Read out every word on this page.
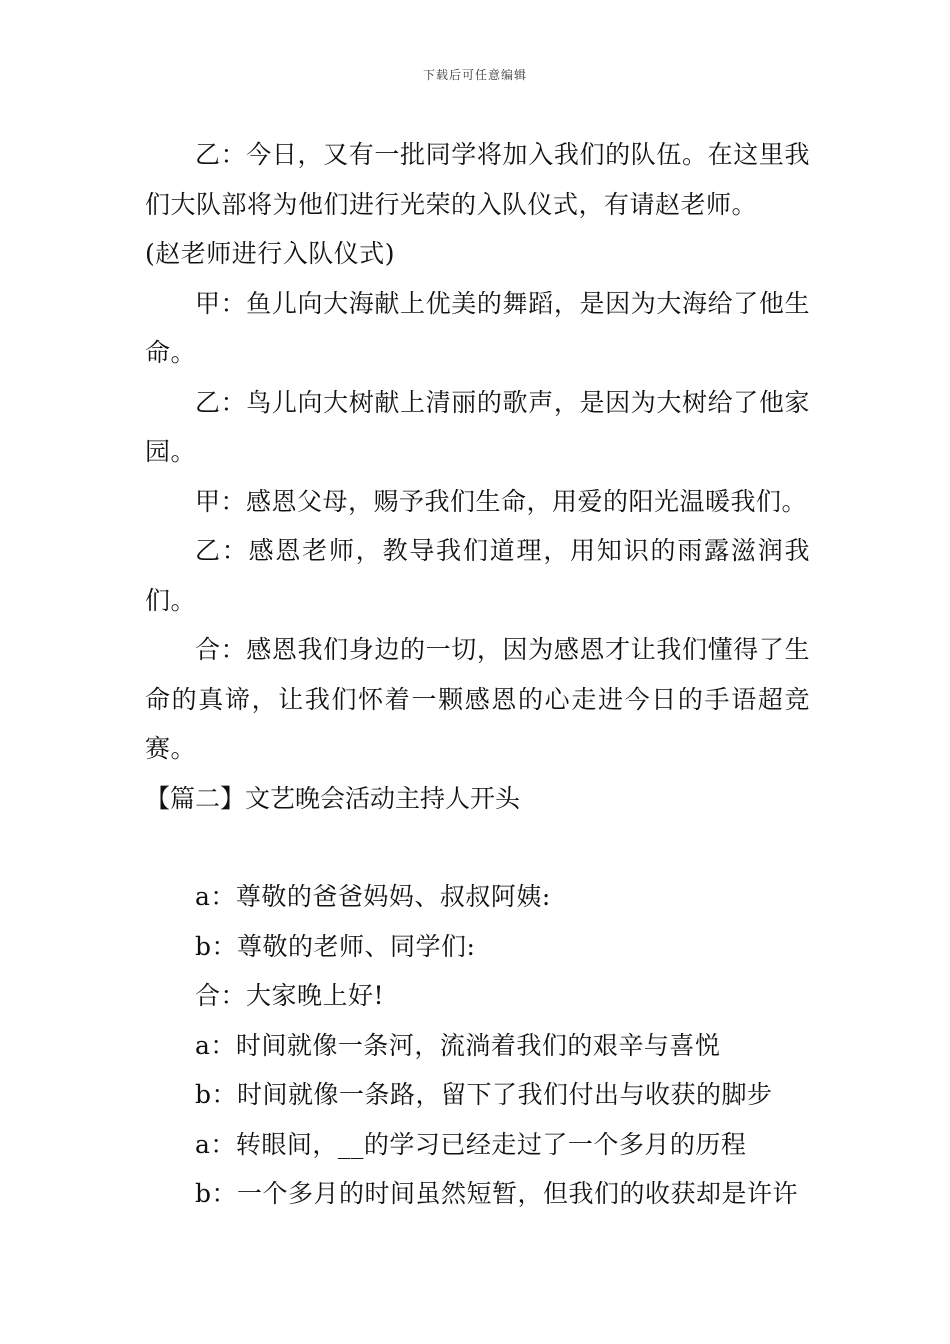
下载后可任意编辑

乙：今日，又有一批同学将加入我们的队伍。在这里我们大队部将为他们进行光荣的入队仪式，有请赵老师。

(赵老师进行入队仪式)

甲：鱼儿向大海献上优美的舞蹈，是因为大海给了他生命。

乙：鸟儿向大树献上清丽的歌声，是因为大树给了他家园。

甲：感恩父母，赐予我们生命，用爱的阳光温暖我们。

乙：感恩老师，教导我们道理，用知识的雨露滋润我们。

合：感恩我们身边的一切，因为感恩才让我们懂得了生命的真谛，让我们怀着一颗感恩的心走进今日的手语超竞赛。

【篇二】文艺晚会活动主持人开头

a：尊敬的爸爸妈妈、叔叔阿姨:

b：尊敬的老师、同学们:

合：大家晚上好!

a：时间就像一条河，流淌着我们的艰辛与喜悦

b：时间就像一条路，留下了我们付出与收获的脚步

a：转眼间，__的学习已经走过了一个多月的历程

b：一个多月的时间虽然短暂，但我们的收获却是许许
